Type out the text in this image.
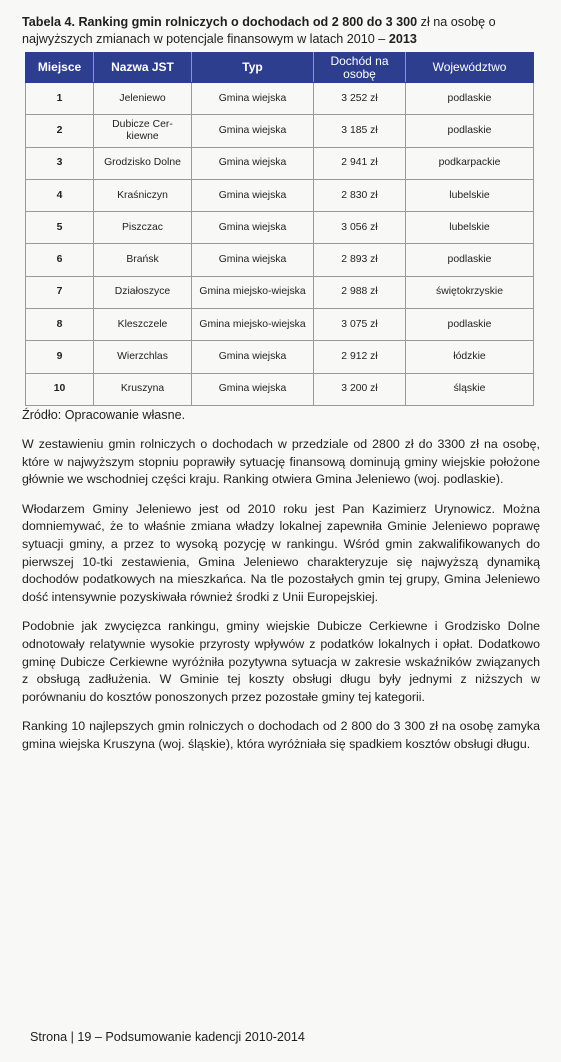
Tabela 4. Ranking gmin rolniczych o dochodach od 2 800 do 3 300 zł na osobę o najwyższych zmianach w potencjale finansowym w latach 2010 – 2013
Miejsce	Nazwa JST	Typ	Dochód na osobę	Województwo
1	Jeleniewo	Gmina wiejska	3 252 zł	podlaskie
2	Dubicze Cer-kiewne	Gmina wiejska	3 185 zł	podlaskie
3	Grodzisko Dolne	Gmina wiejska	2 941 zł	podkarpackie
4	Kraśniczyn	Gmina wiejska	2 830 zł	lubelskie
5	Piszczac	Gmina wiejska	3 056 zł	lubelskie
6	Brańsk	Gmina wiejska	2 893 zł	podlaskie
7	Działoszyce	Gmina miejsko-wiejska	2 988 zł	świętokrzyskie
8	Kleszczele	Gmina miejsko-wiejska	3 075 zł	podlaskie
9	Wierzchlas	Gmina wiejska	2 912 zł	łódzkie
10	Kruszyna	Gmina wiejska	3 200 zł	śląskie
Źródło: Opracowanie własne.

W zestawieniu gmin rolniczych o dochodach w przedziale od 2800 zł do 3300 zł na osobę, które w najwyższym stopniu poprawiły sytuację finansową dominują gminy wiejskie położone głównie we wschodniej części kraju. Ranking otwiera Gmina Jeleniewo (woj. podlaskie).

Włodarzem Gminy Jeleniewo jest od 2010 roku jest Pan Kazimierz Urynowicz. Można domniemywać, że to właśnie zmiana władzy lokalnej zapewniła Gminie Jeleniewo poprawę sytuacji gminy, a przez to wysoką pozycję w rankingu. Wśród gmin zakwalifikowanych do pierwszej 10-tki zestawienia, Gmina Jeleniewo charakteryzuje się najwyższą dynamiką dochodów podatkowych na mieszkańca. Na tle pozostałych gmin tej grupy, Gmina Jeleniewo dość intensywnie pozyskiwała również środki z Unii Europejskiej.

Podobnie jak zwycięzca rankingu, gminy wiejskie Dubicze Cerkiewne i Grodzisko Dolne odnotowały relatywnie wysokie przyrosty wpływów z podatków lokalnych i opłat. Dodatkowo gminę Dubicze Cerkiewne wyróżniła pozytywna sytuacja w zakresie wskaźników związanych z obsługą zadłużenia. W Gminie tej koszty obsługi długu były jednymi z niższych w porównaniu do kosztów ponoszonych przez pozostałe gminy tej kategorii.

Ranking 10 najlepszych gmin rolniczych o dochodach od 2 800 do 3 300 zł na osobę zamyka gmina wiejska Kruszyna (woj. śląskie), która wyróżniała się spadkiem kosztów obsługi długu.

Strona | 19 – Podsumowanie kadencji 2010-2014
